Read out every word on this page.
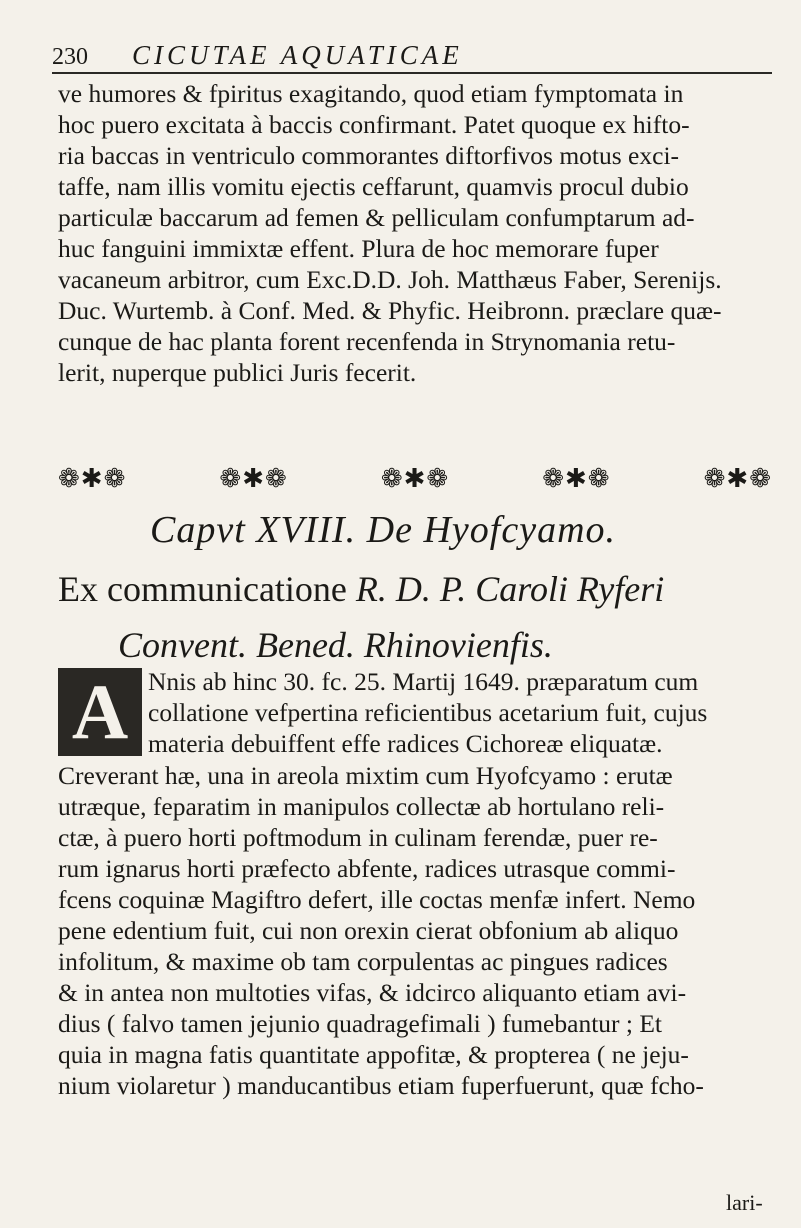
230 CICUTAE AQUATICAE
ve humores & fpiritus exagitando, quod etiam fymptomata in
hoc puero excitata à baccis confirmant. Patet quoque ex hifto-
ria baccas in ventriculo commorantes diftorfivos motus exci-
taffe, nam illis vomitu ejectis ceffarunt, quamvis procul dubio
particulæ baccarum ad femen & pelliculam confumptarum ad-
huc fanguini immixtæ effent. Plura de hoc memorare fuper
vacaneum arbitror, cum Exc.D.D. Joh. Matthæus Faber, Serenijs.
Duc. Wurtemb. à Conf. Med. & Phyfic. Heibronn. præclare quæ-
cunque de hac planta forent recenfenda in Strynomania retu-
lerit, nuperque publici Juris fecerit.
❁✱❁	❁✱❁	❁✱❁	❁✱❁	❁✱❁
Capvt XVIII. De Hyofcyamo.
Ex communicatione R. D. P. Caroli Ryferi
Convent. Bened. Rhinovienfis.
A Nnis ab hinc 30. fc. 25. Martij 1649. præparatum cum
collatione vefpertina reficientibus acetarium fuit, cujus
materia debuiffent effe radices Cichoreæ eliquatæ.
Creverant hæ, una in areola mixtim cum Hyofcyamo : erutæ
utræque, feparatim in manipulos collectæ ab hortulano reli-
ctæ, à puero horti poftmodum in culinam ferendæ, puer re-
rum ignarus horti præfecto abfente, radices utrasque commi-
fcens coquinæ Magiftro defert, ille coctas menfæ infert. Nemo
pene edentium fuit, cui non orexin cierat obfonium ab aliquo
infolitum, & maxime ob tam corpulentas ac pingues radices
& in antea non multoties vifas, & idcirco aliquanto etiam avi-
dius ( falvo tamen jejunio quadragefimali ) fumebantur ; Et
quia in magna fatis quantitate appofitæ, & propterea ( ne jeju-
nium violaretur ) manducantibus etiam fuperfuerunt, quæ fcho-
lari-
